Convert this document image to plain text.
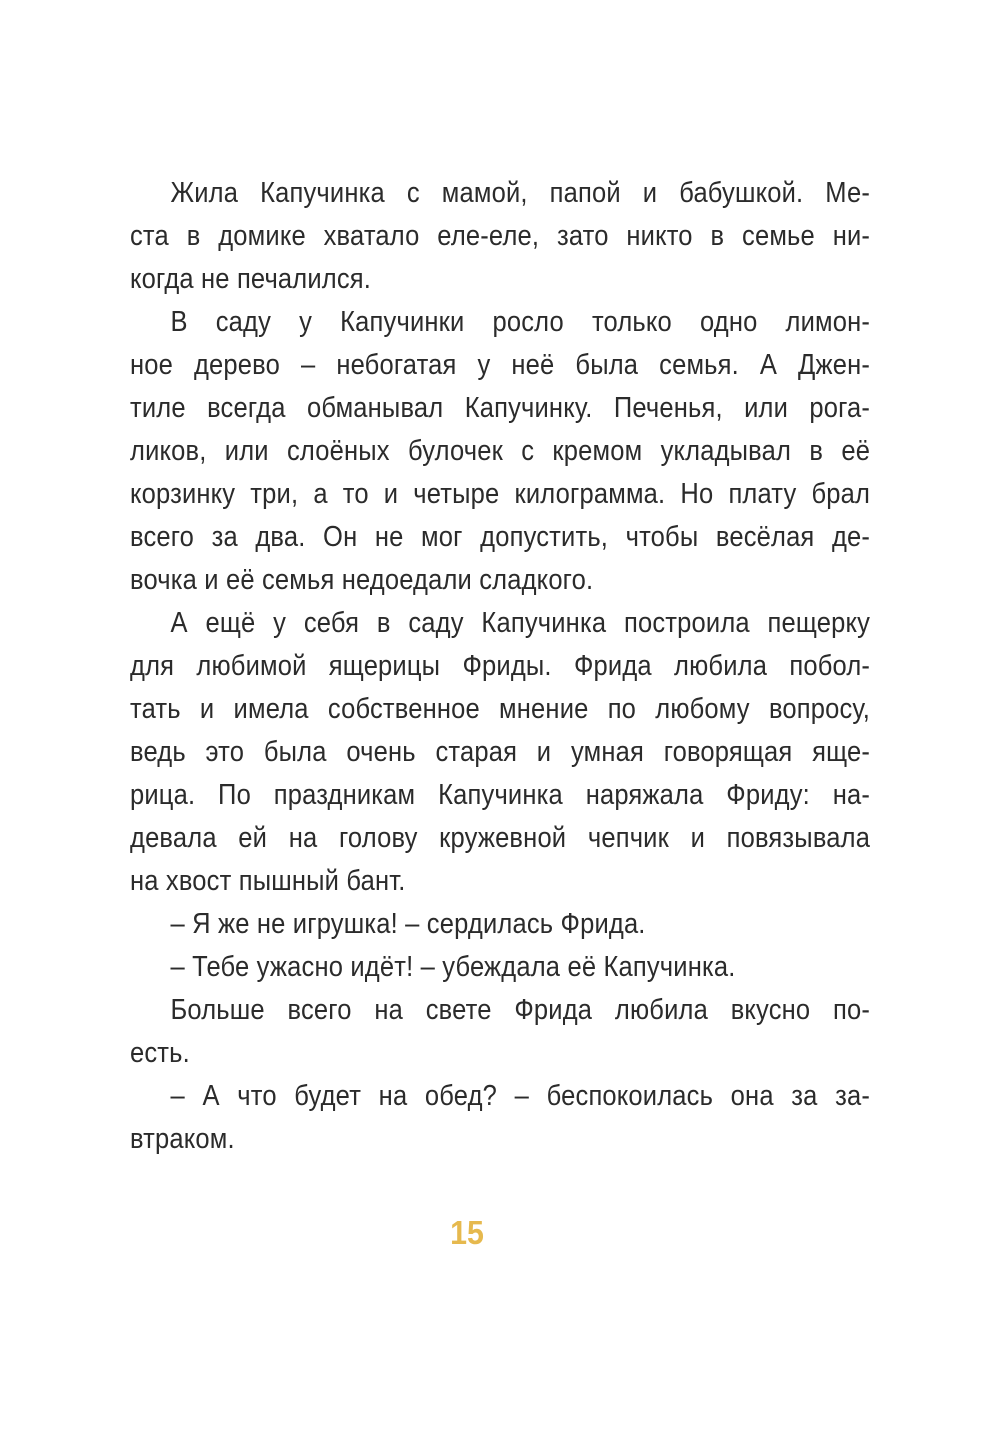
Жила Капучинка с мамой, папой и бабушкой. Ме-
ста в домике хватало еле-еле, зато никто в семье ни-
когда не печалился.

В саду у Капучинки росло только одно лимон-
ное дерево – небогатая у неё была семья. А Джен-
тиле всегда обманывал Капучинку. Печенья, или рога-
ликов, или слоёных булочек с кремом укладывал в её
корзинку три, а то и четыре килограмма. Но плату брал
всего за два. Он не мог допустить, чтобы весёлая де-
вочка и её семья недоедали сладкого.

А ещё у себя в саду Капучинка построила пещерку
для любимой ящерицы Фриды. Фрида любила побол-
тать и имела собственное мнение по любому вопросу,
ведь это была очень старая и умная говорящая яще-
рица. По праздникам Капучинка наряжала Фриду: на-
девала ей на голову кружевной чепчик и повязывала
на хвост пышный бант.

– Я же не игрушка! – сердилась Фрида.

– Тебе ужасно идёт! – убеждала её Капучинка.

Больше всего на свете Фрида любила вкусно по-
есть.

– А что будет на обед? – беспокоилась она за за-
втраком.

15
